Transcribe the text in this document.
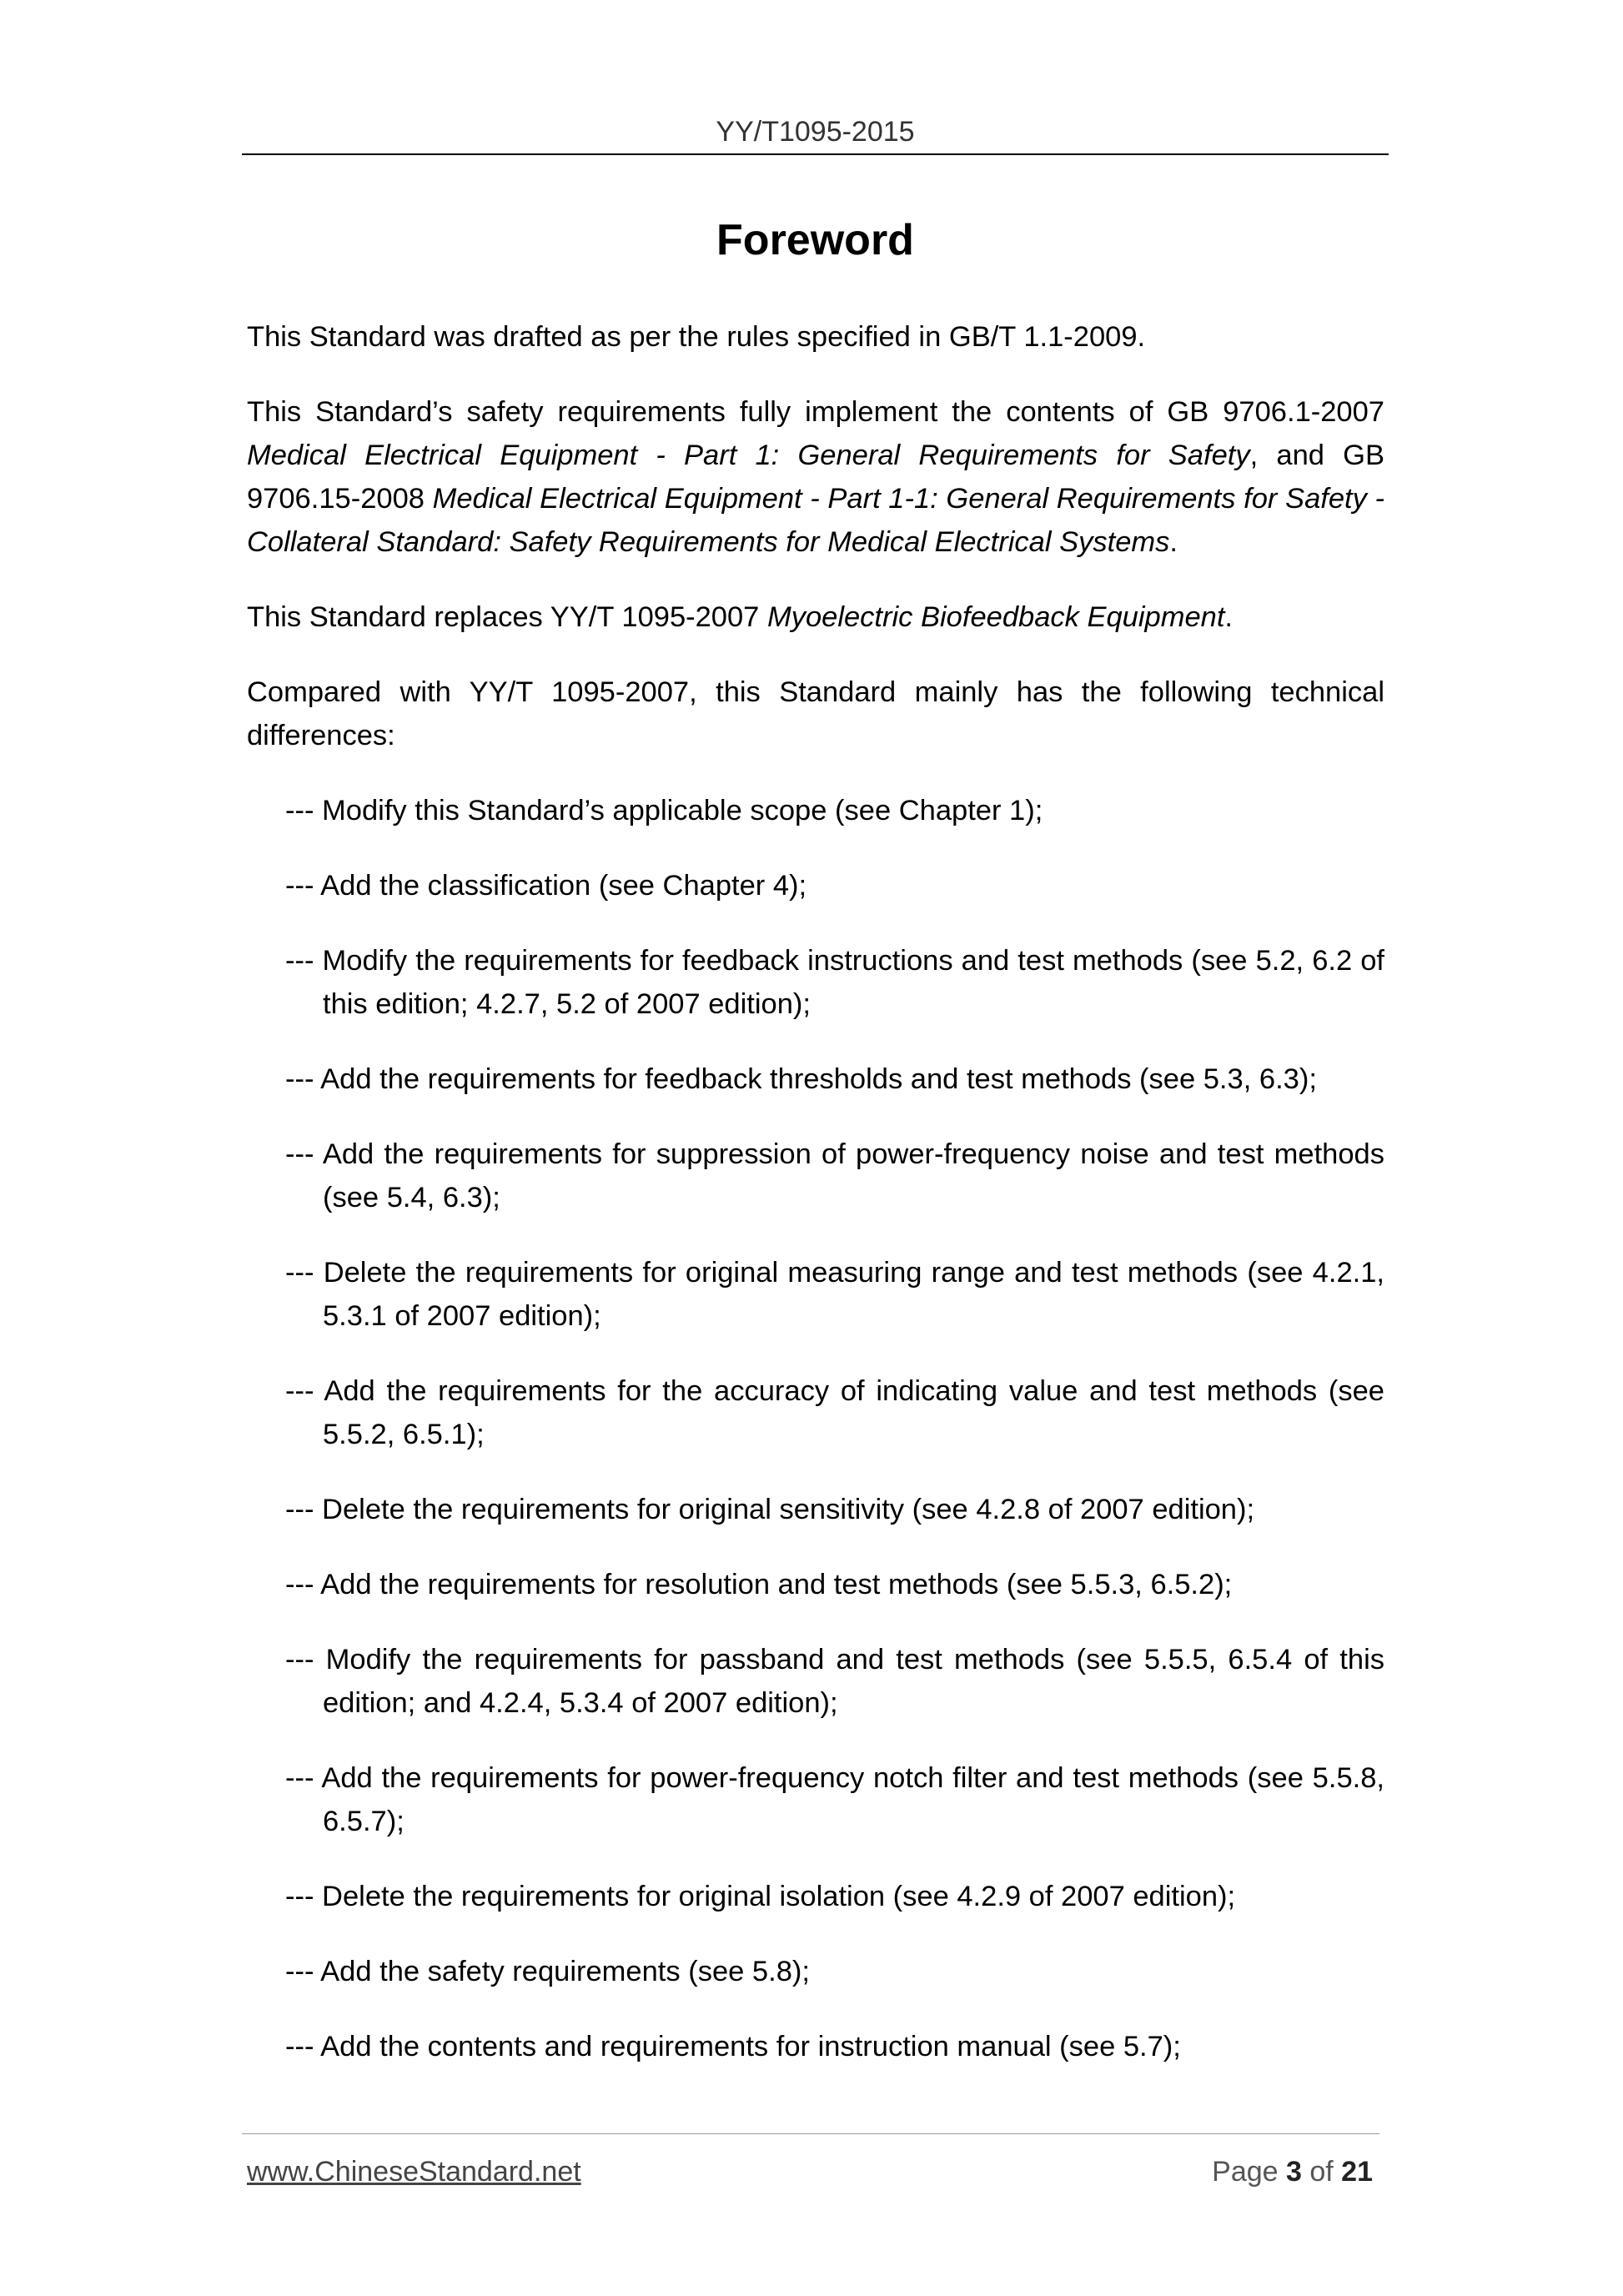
YY/T1095-2015
Foreword

This Standard was drafted as per the rules specified in GB/T 1.1-2009.

This Standard’s safety requirements fully implement the contents of GB 9706.1-2007 Medical Electrical Equipment - Part 1: General Requirements for Safety, and GB 9706.15-2008 Medical Electrical Equipment - Part 1-1: General Requirements for Safety - Collateral Standard: Safety Requirements for Medical Electrical Systems.

This Standard replaces YY/T 1095-2007 Myoelectric Biofeedback Equipment.

Compared with YY/T 1095-2007, this Standard mainly has the following technical differences:

--- Modify this Standard’s applicable scope (see Chapter 1);

--- Add the classification (see Chapter 4);

--- Modify the requirements for feedback instructions and test methods (see 5.2, 6.2 of this edition; 4.2.7, 5.2 of 2007 edition);

--- Add the requirements for feedback thresholds and test methods (see 5.3, 6.3);

--- Add the requirements for suppression of power-frequency noise and test methods (see 5.4, 6.3);

--- Delete the requirements for original measuring range and test methods (see 4.2.1, 5.3.1 of 2007 edition);

--- Add the requirements for the accuracy of indicating value and test methods (see 5.5.2, 6.5.1);

--- Delete the requirements for original sensitivity (see 4.2.8 of 2007 edition);

--- Add the requirements for resolution and test methods (see 5.5.3, 6.5.2);

--- Modify the requirements for passband and test methods (see 5.5.5, 6.5.4 of this edition; and 4.2.4, 5.3.4 of 2007 edition);

--- Add the requirements for power-frequency notch filter and test methods (see 5.5.8, 6.5.7);

--- Delete the requirements for original isolation (see 4.2.9 of 2007 edition);

--- Add the safety requirements (see 5.8);

--- Add the contents and requirements for instruction manual (see 5.7);

www.ChineseStandard.net	Page 3 of 21
